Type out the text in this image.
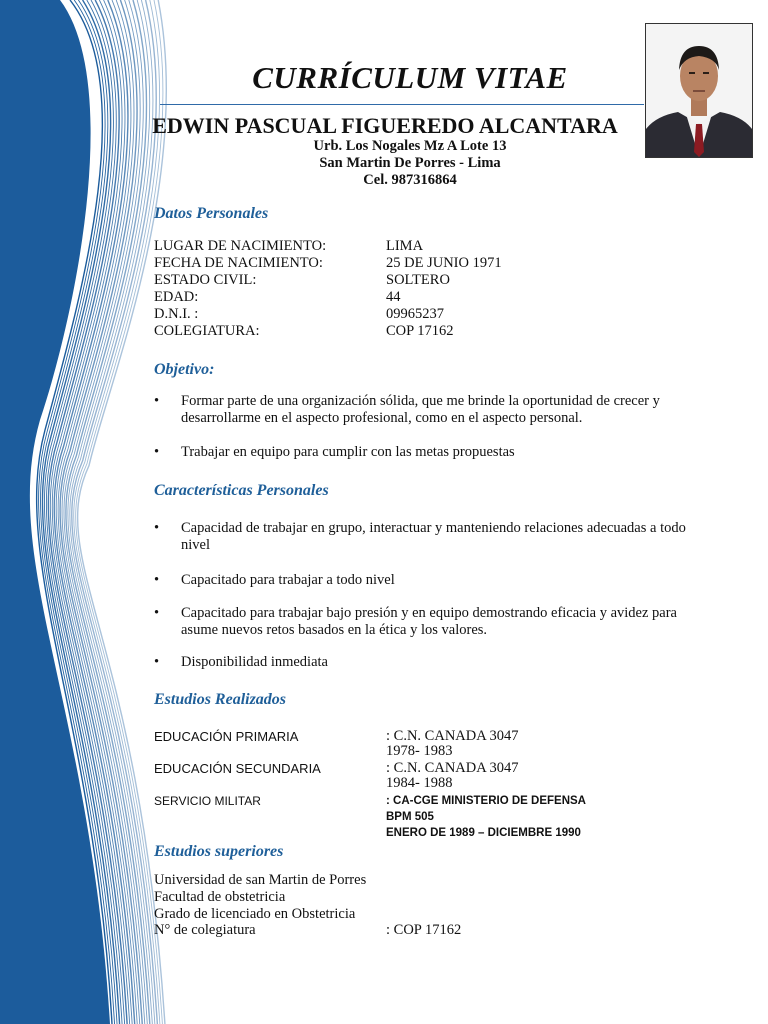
CURRÍCULUM VITAE
EDWIN PASCUAL FIGUEREDO ALCANTARA
Urb. Los Nogales Mz A Lote 13
San Martin De Porres - Lima
Cel. 987316864
Datos Personales
LUGAR DE NACIMIENTO:	LIMA
FECHA DE NACIMIENTO:	25 DE JUNIO 1971
ESTADO CIVIL:	SOLTERO
EDAD:	44
D.N.I. :	09965237
COLEGIATURA:	COP 17162
Objetivo:
• Formar parte de una organización sólida, que me brinde la oportunidad de crecer y desarrollarme en el aspecto profesional, como en el aspecto personal.
• Trabajar en equipo para cumplir con las metas propuestas
Características Personales
• Capacidad de trabajar en grupo, interactuar y manteniendo relaciones adecuadas a todo nivel
• Capacitado para trabajar a todo nivel
• Capacitado para trabajar bajo presión y en equipo demostrando eficacia y avidez para asume nuevos retos basados en la ética y los valores.
• Disponibilidad inmediata
Estudios Realizados
EDUCACIÓN PRIMARIA	: C.N. CANADA 3047
1978- 1983
EDUCACIÓN SECUNDARIA	: C.N. CANADA 3047
1984- 1988
SERVICIO MILITAR	: CA-CGE MINISTERIO DE DEFENSA
BPM 505
ENERO DE 1989 – DICIEMBRE 1990
Estudios superiores
Universidad de san Martin de Porres
Facultad de obstetricia
Grado de licenciado en Obstetricia
N° de colegiatura	: COP 17162
